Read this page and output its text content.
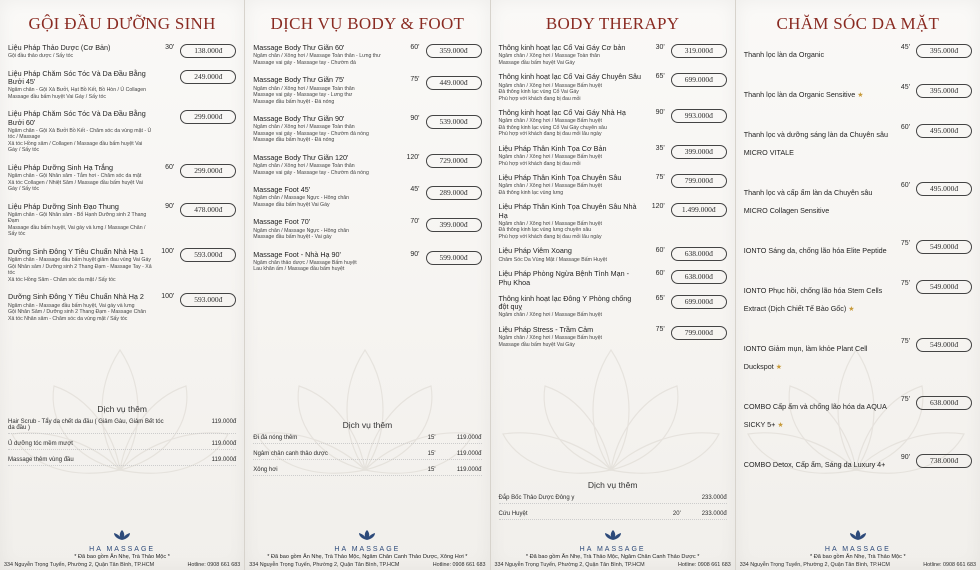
GỘI ĐẦU DƯỠNG SINH
Liệu Pháp Thảo Dược (Cơ Bản)
Gội đầu thảo dược / Sấy tóc
30'	138.000đ
Liệu Pháp Chăm Sóc Tóc Và Da Đầu Bằng Bưởi 45'
Ngâm chân - Gội Xả Bưởi, Hạt Bồ Kết, Bồ Hòn / Ủ Collagen
Massage đầu bấm huyệt Vai Gáy / Sấy tóc
249.000đ
Liệu Pháp Chăm Sóc Tóc Và Da Đầu Bằng Bưởi 60'
Ngâm chân - Gội Xả Bưởi Bồ Kết - Chăm sóc da vùng mặt - Ủ tóc / Massage
Xả tóc Hồng sâm / Collagen / Massage đầu bấm huyệt Vai Gáy / Sấy tóc
299.000đ
Liệu Pháp Dưỡng Sinh Hạ Trắng
Ngâm chân - Gội Nhân sâm - Tắm hơi - Chăm sóc da mặt
Xả tóc Collagen / Nhiệt Sâm / Massage đầu bấm huyệt Vai Gáy / Sấy tóc
60'	299.000đ
Liệu Pháp Dưỡng Sinh Đạo Thung
Ngâm chân - Gội Nhân sâm - Bổ Hạnh Dưỡng sinh 2 Thang Đạm
Massage đầu bấm huyệt, Vai gáy và lưng / Massage Chân / Sấy tóc
90'	478.000đ
Dưỡng Sinh Đông Y Tiêu Chuẩn Nhà Hạ 1
Ngâm chân - Massage đầu bấm huyệt giảm đau vùng Vai Gáy
Gội Nhân sâm / Dưỡng sinh 2 Thang Đạm - Massage Tay - Xả tóc
Xả tóc Hồng Sâm - Chăm sóc da mặt / Sấy tóc
100'	593.000đ
Dưỡng Sinh Đông Y Tiêu Chuẩn Nhà Hạ 2
Ngâm chân - Massage đầu bấm huyệt, Vai gáy và lưng
Gội Nhân Sâm / Dưỡng sinh 2 Thang Đạm - Massage Chân
Xả tóc Nhân sâm - Chăm sóc da vùng mặt / Sấy tóc
100'	593.000đ
Dịch vụ thêm
Hair Scrub - Tẩy da chết da đầu ( Giảm Gàu, Giảm Bết tóc da đầu )
119.000đ
Ủ dưỡng tóc mềm mượt	119.000đ
Massage thêm vùng đầu	119.000đ
HA MASSAGE
* Đã bao gồm Ăn Nhẹ, Trà Thảo Mộc *
334 Nguyễn Trọng Tuyển, Phường 2, Quận Tân Bình, TP.HCM	Hotline: 0908 661 683
DỊCH VỤ BODY & FOOT
Massage Body Thư Giãn 60'
Ngâm chân / Xông hơi / Massage Toàn thân - Lưng thư
Massage vai gáy - Massage tay - Chườm đá
60'	359.000đ
Massage Body Thư Giãn 75'
Ngâm chân / Xông hơi / Massage Toàn thân
Massage vai gáy - Massage tay - Lưng thư
Massage đầu bấm huyệt - Đá nóng
75'	449.000đ
Massage Body Thư Giãn 90'
Ngâm chân / Xông hơi / Massage Toàn thân
Massage vai gáy - Massage tay - Chườm đá nóng
Massage đầu bấm huyệt - Đá nóng
90'	539.000đ
Massage Body Thư Giãn 120'
Ngâm chân / Xông hơi / Massage Toàn thân
Massage vai gáy - Massage tay - Chườm đá nóng
120'	729.000đ
Massage Foot 45'
Ngâm chân / Massage Ngực - Hông chân
Massage đầu bấm huyệt Vai Gáy
45'	289.000đ
Massage Foot 70'
Ngâm chân / Massage Ngực - Hông chân
Massage đầu bấm huyệt - Vai gáy
70'	399.000đ
Massage Foot - Nhà Hạ 90'
Ngâm chân thảo dược / Massage Bấm huyệt
Lau khăn ấm / Massage đầu bấm huyệt
90'	599.000đ
Dịch vụ thêm
Đi đá nóng thêm	15'	119.000đ
Ngâm chân canh thảo dược	15'	119.000đ
Xông hơi	15'	119.000đ
HA MASSAGE
* Đã bao gồm Ăn Nhẹ, Trà Thảo Mộc, Ngâm Chân Canh Thảo Dược, Xông Hơi *
334 Nguyễn Trọng Tuyển, Phường 2, Quận Tân Bình, TP.HCM	Hotline: 0908 661 683
BODY THERAPY
Thông kinh hoạt lạc Cổ Vai Gáy Cơ bản
Ngâm chân / Xông hơi / Massage Toàn thân
Massage đầu bấm huyệt Vai Gáy
30'	319.000đ
Thông kinh hoạt lạc Cổ Vai Gáy Chuyên Sâu
Ngâm chân / Xông hơi / Massage Bấm huyệt
Đả thông kinh lạc vùng Cổ Vai Gáy
Phù hợp với khách đang bị đau mỏi
65'	699.000đ
Thông kinh hoạt lạc Cổ Vai Gáy Nhà Hạ
Ngâm chân / Xông hơi / Massage Bấm huyệt
Đả thông kinh lạc vùng Cổ Vai Gáy chuyên sâu
Phù hợp với khách đang bị đau mỏi lâu ngày
90'	993.000đ
Liệu Pháp Thân Kinh Tọa Cơ Bản
Ngâm chân / Xông hơi / Massage Bấm huyệt
Phù hợp với khách đang bị đau mỏi
35'	399.000đ
Liệu Pháp Thân Kinh Tọa Chuyên Sâu
Ngâm chân / Xông hơi / Massage Bấm huyệt
Đả thông kinh lạc vùng lưng
75'	799.000đ
Liệu Pháp Thân Kinh Tọa Chuyên Sâu Nhà Hạ
Ngâm chân / Xông hơi / Massage Bấm huyệt
Đả thông kinh lạc vùng lưng chuyên sâu
Phù hợp với khách đang bị đau mỏi lâu ngày
120'	1.499.000đ
Liệu Pháp Viêm Xoang
Chăm Sóc Da Vùng Mặt / Massage Bấm Huyệt
60'	638.000đ
Liệu Pháp Phòng Ngừa Bệnh Tình Mạn - Phụ Khoa
60'	638.000đ
Thông kinh hoạt lạc Đông Y Phòng chống đột quỵ
Ngâm chân / Xông hơi / Massage Bấm huyệt
65'	699.000đ
Liệu Pháp Stress - Trầm Cảm
Ngâm chân / Xông hơi / Massage Bấm huyệt
Massage đầu bấm huyệt Vai Gáy
75'	799.000đ
Dịch vụ thêm
Đắp Bốc Thảo Dược Đông y	233.000đ
Cứu Huyệt	20'	233.000đ
HA MASSAGE
* Đã bao gồm Ăn Nhẹ, Trà Thảo Mộc, Ngâm Chân Canh Thảo Dược *
334 Nguyễn Trọng Tuyển, Phường 2, Quận Tân Bình, TP.HCM	Hotline: 0908 661 683
CHĂM SÓC DA MẶT
Thanh lọc làn da Organic
45'	395.000đ
Thanh lọc làn da Organic Sensitive ★
45'	395.000đ
Thanh lọc và dưỡng sáng làn da Chuyên sâu MICRO VITALE
60'	495.000đ
Thanh lọc và cấp ẩm làn da Chuyên sâu MICRO Collagen Sensitive
60'	495.000đ
IONTO Sáng da, chống lão hóa Elite Peptide
75'	549.000đ
IONTO Phục hồi, chống lão hóa Stem Cells Extract (Dịch Chiết Tế Bào Gốc) ★
75'	549.000đ
IONTO Giảm mụn, làm khỏe Plant Cell Duckspot ★
75'	549.000đ
COMBO Cấp ẩm và chống lão hóa da AQUA SICKY 5+ ★
75'	638.000đ
COMBO Detox, Cấp ẩm, Sáng da Luxury 4+
90'	738.000đ
HA MASSAGE
* Đã bao gồm Ăn Nhẹ, Trà Thảo Mộc *
334 Nguyễn Trọng Tuyển, Phường 2, Quận Tân Bình, TP.HCM	Hotline: 0908 661 683
